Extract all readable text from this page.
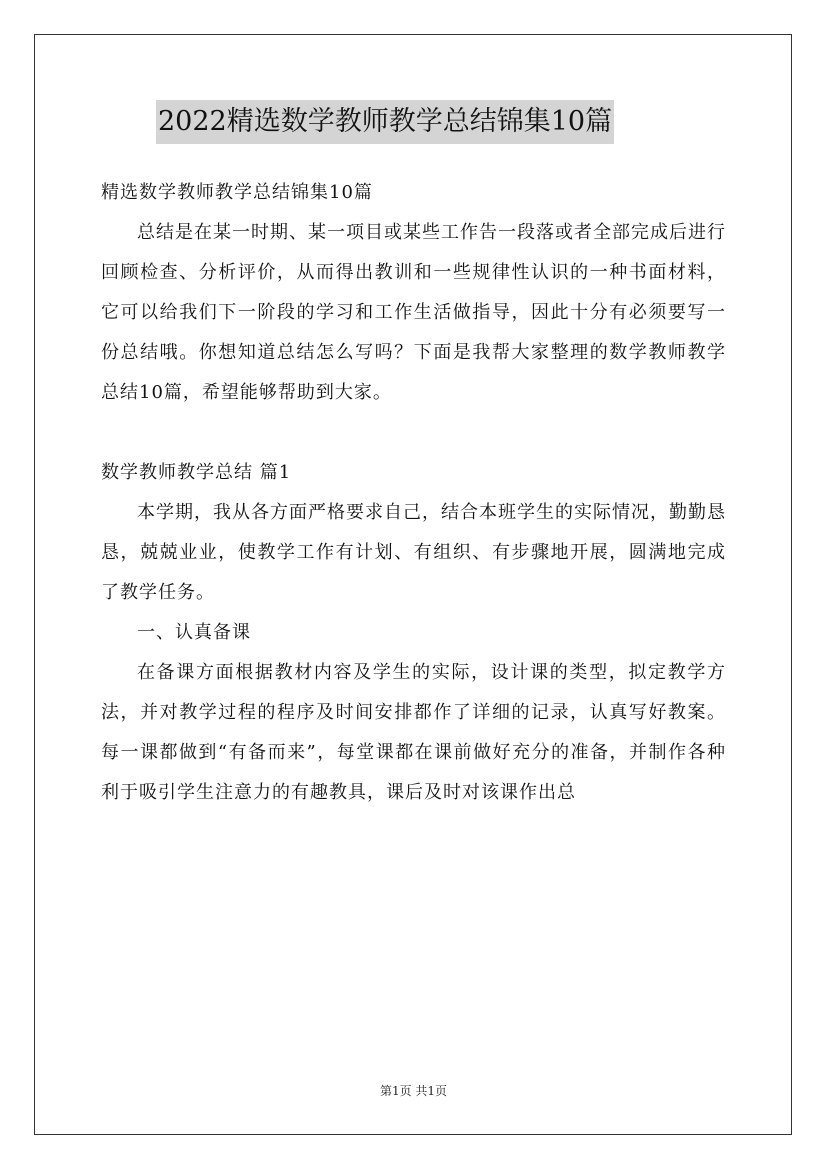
2022精选数学教师教学总结锦集10篇

精选数学教师教学总结锦集10篇

总结是在某一时期、某一项目或某些工作告一段落或者全部完成后进行回顾检查、分析评价，从而得出教训和一些规律性认识的一种书面材料，它可以给我们下一阶段的学习和工作生活做指导，因此十分有必须要写一份总结哦。你想知道总结怎么写吗？下面是我帮大家整理的数学教师教学总结10篇，希望能够帮助到大家。

数学教师教学总结 篇1

本学期，我从各方面严格要求自己，结合本班学生的实际情况，勤勤恳恳，兢兢业业，使教学工作有计划、有组织、有步骤地开展，圆满地完成了教学任务。

一、认真备课

在备课方面根据教材内容及学生的实际，设计课的类型，拟定教学方法，并对教学过程的程序及时间安排都作了详细的记录，认真写好教案。每一课都做到“有备而来”，每堂课都在课前做好充分的准备，并制作各种利于吸引学生注意力的有趣教具，课后及时对该课作出总

第1页 共1页
